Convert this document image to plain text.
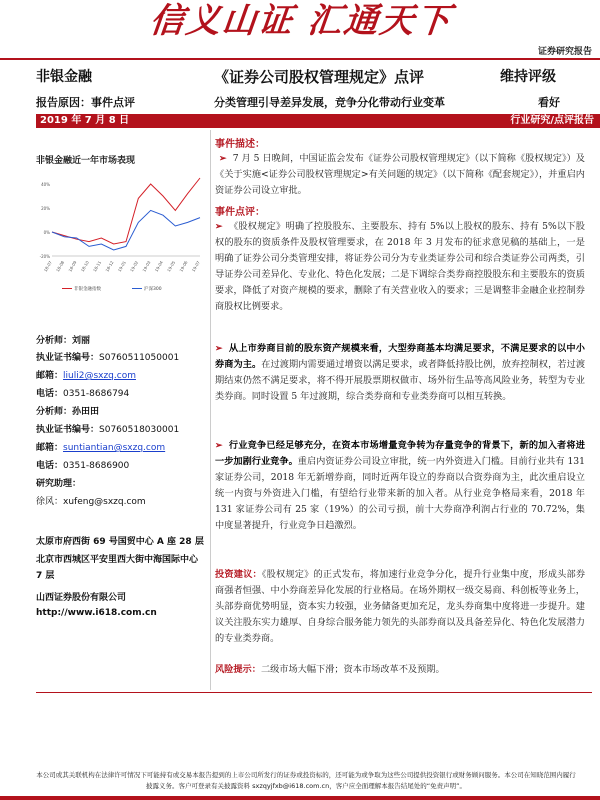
信义山证 汇通天下
证券研究报告
非银金融	《证券公司股权管理规定》点评	维持评级
报告原因：事件点评	分类管理引导差异发展，竞争分化带动行业变革	看好
2019 年 7 月 8 日	行业研究/点评报告
非银金融近一年市场表现
-20%
0%
20%
40%
18-07 18-08 18-09 18-10 18-11 18-12 19-01 19-02 19-03 19-04 19-05 19-06 19-07
非银金融指数	沪深300
分析师：刘丽
执业证书编号：S0760511050001
邮箱：liuli2@sxzq.com
电话：0351-8686794
分析师：孙田田
执业证书编号：S0760518030001
邮箱：suntiantian@sxzq.com
电话：0351-8686900
研究助理：
徐风：xufeng@sxzq.com
太原市府西街 69 号国贸中心 A 座 28 层
北京市西城区平安里西大街中海国际中心 7 层
山西证券股份有限公司
http://www.i618.com.cn
事件描述：
➢ 7 月 5 日晚间，中国证监会发布《证券公司股权管理规定》（以下简称《股权规定》）及《关于实施<证券公司股权管理规定>有关问题的规定》（以下简称《配套规定》），并重启内资证券公司设立审批。
事件点评：
➢ 《股权规定》明确了控股股东、主要股东、持有 5%以上股权的股东、持有 5%以下股权的股东的资质条件及股权管理要求，在 2018 年 3 月发布的征求意见稿的基础上，一是明确了证券公司分类管理安排，将证券公司分为专业类证券公司和综合类证券公司两类，引导证券公司差异化、专业化、特色化发展；二是下调综合类券商控股股东和主要股东的资质要求，降低了对资产规模的要求，删除了有关营业收入的要求；三是调整非金融企业控制券商股权比例要求。
➢ 从上市券商目前的股东资产规模来看，大型券商基本均满足要求，不满足要求的以中小券商为主。在过渡期内需要通过增资以满足要求，或者降低持股比例，放弃控制权，若过渡期结束仍然不满足要求，将不得开展股票期权做市、场外衍生品等高风险业务，转型为专业类券商。同时设置 5 年过渡期，综合类券商和专业类券商可以相互转换。
➢ 行业竞争已经足够充分，在资本市场增量竞争转为存量竞争的背景下，新的加入者将进一步加剧行业竞争。重启内资证券公司设立审批，统一内外资进入门槛。目前行业共有 131 家证券公司，2018 年无新增券商，同时近两年设立的券商以合资券商为主，此次重启设立统一内资与外资进入门槛，有望给行业带来新的加入者。从行业竞争格局来看，2018 年 131 家证券公司有 25 家（19%）的公司亏损，前十大券商净利润占行业的 70.72%，集中度显著提升，行业竞争日趋激烈。
投资建议：《股权规定》的正式发布，将加速行业竞争分化，提升行业集中度，形成头部券商强者恒强、中小券商差异化发展的行业格局。在场外期权一级交易商、科创板等业务上，头部券商优势明显，资本实力较强，业务储备更加充足，龙头券商集中度将进一步提升。建议关注股东实力雄厚、自身综合服务能力领先的头部券商以及具备差异化、特色化发展潜力的专业类券商。
风险提示：二级市场大幅下滑；资本市场改革不及预期。
本公司或其关联机构在法律许可情况下可能持有或交易本报告提到的上市公司所发行的证券或投资标的，还可能为或争取为这些公司提供投资银行或财务顾问服务。本公司在知晓范围内履行披露义务。客户可登录有关披露资料 sxzqyjfxb@i618.com.cn，客户应全面理解本报告结尾处的“免责声明”。
